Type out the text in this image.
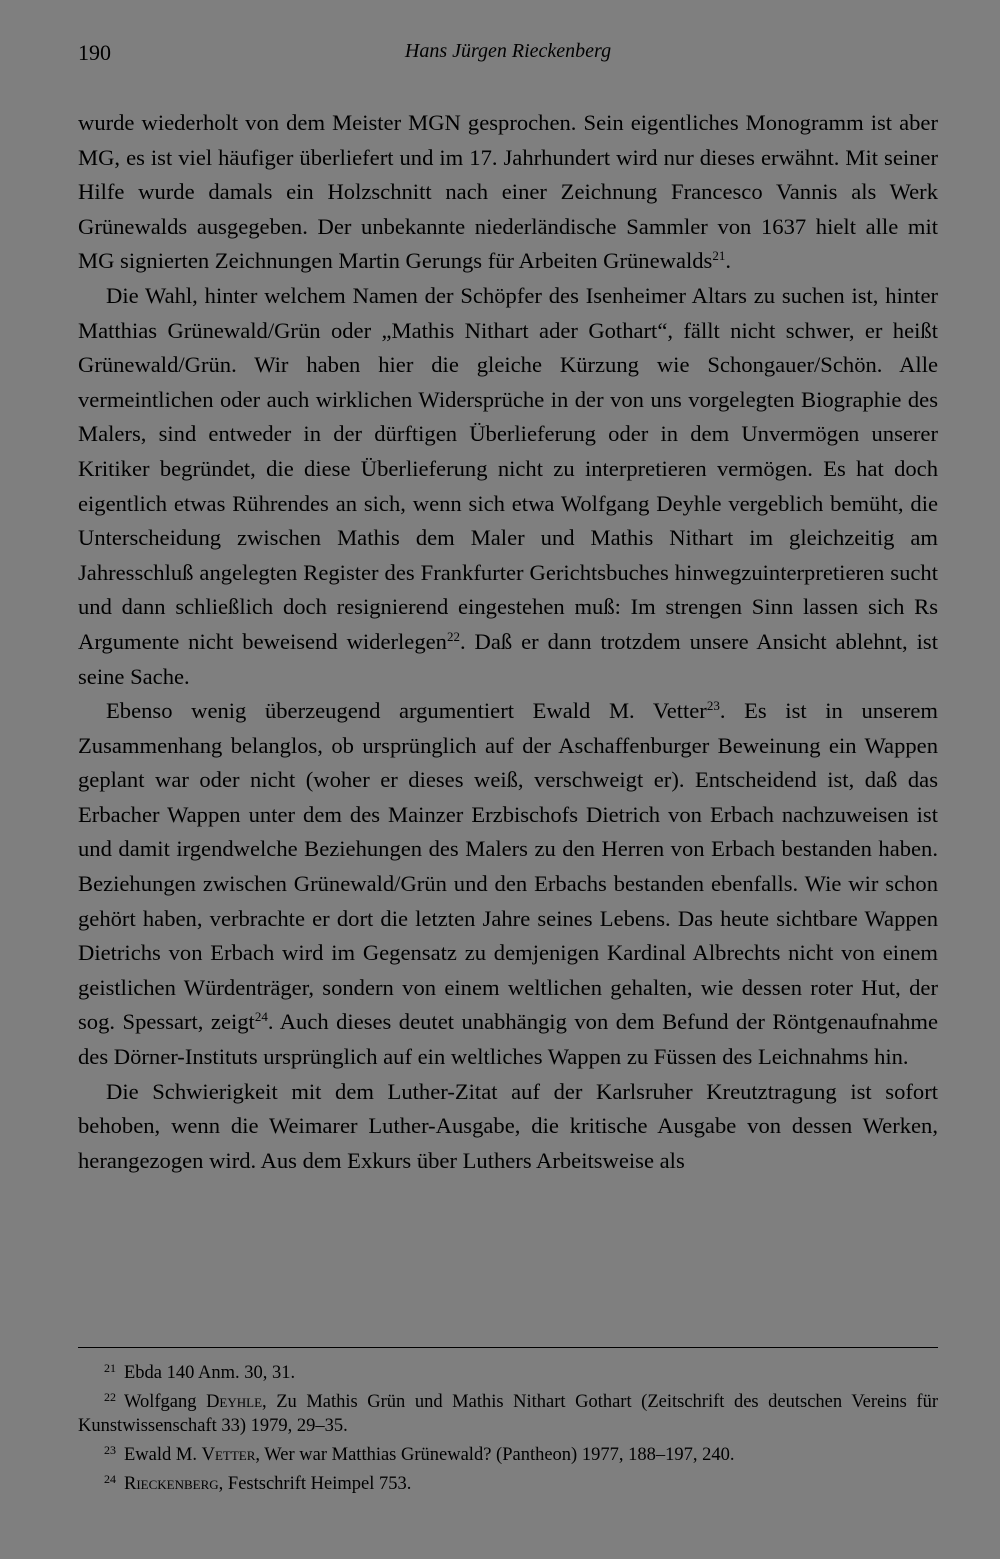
190	Hans Jürgen Rieckenberg

wurde wiederholt von dem Meister MGN gesprochen. Sein eigentliches Monogramm ist aber MG, es ist viel häufiger überliefert und im 17. Jahrhundert wird nur dieses erwähnt. Mit seiner Hilfe wurde damals ein Holzschnitt nach einer Zeichnung Francesco Vannis als Werk Grünewalds ausgegeben. Der unbekannte niederländische Sammler von 1637 hielt alle mit MG signierten Zeichnungen Martin Gerungs für Arbeiten Grünewalds$^{21}$.

Die Wahl, hinter welchem Namen der Schöpfer des Isenheimer Altars zu suchen ist, hinter Matthias Grünewald/Grün oder „Mathis Nithart ader Gothart“, fällt nicht schwer, er heißt Grünewald/Grün. Wir haben hier die gleiche Kürzung wie Schongauer/Schön. Alle vermeintlichen oder auch wirklichen Widersprüche in der von uns vorgelegten Biographie des Malers, sind entweder in der dürftigen Überlieferung oder in dem Unvermögen unserer Kritiker begründet, die diese Überlieferung nicht zu interpretieren vermögen. Es hat doch eigentlich etwas Rührendes an sich, wenn sich etwa Wolfgang Deyhle vergeblich bemüht, die Unterscheidung zwischen Mathis dem Maler und Mathis Nithart im gleichzeitig am Jahresschluß angelegten Register des Frankfurter Gerichtsbuches hinwegzuinterpretieren sucht und dann schließlich doch resignierend eingestehen muß: Im strengen Sinn lassen sich Rs Argumente nicht beweisend widerlegen$^{22}$. Daß er dann trotzdem unsere Ansicht ablehnt, ist seine Sache.

Ebenso wenig überzeugend argumentiert Ewald M. Vetter$^{23}$. Es ist in unserem Zusammenhang belanglos, ob ursprünglich auf der Aschaffenburger Beweinung ein Wappen geplant war oder nicht (woher er dieses weiß, verschweigt er). Entscheidend ist, daß das Erbacher Wappen unter dem des Mainzer Erzbischofs Dietrich von Erbach nachzuweisen ist und damit irgendwelche Beziehungen des Malers zu den Herren von Erbach bestanden haben. Beziehungen zwischen Grünewald/Grün und den Erbachs bestanden ebenfalls. Wie wir schon gehört haben, verbrachte er dort die letzten Jahre seines Lebens. Das heute sichtbare Wappen Dietrichs von Erbach wird im Gegensatz zu demjenigen Kardinal Albrechts nicht von einem geistlichen Würdenträger, sondern von einem weltlichen gehalten, wie dessen roter Hut, der sog. Spessart, zeigt$^{24}$. Auch dieses deutet unabhängig von dem Befund der Röntgenaufnahme des Dörner-Instituts ursprünglich auf ein weltliches Wappen zu Füssen des Leichnahms hin.

Die Schwierigkeit mit dem Luther-Zitat auf der Karlsruher Kreutztragung ist sofort behoben, wenn die Weimarer Luther-Ausgabe, die kritische Ausgabe von dessen Werken, herangezogen wird. Aus dem Exkurs über Luthers Arbeitsweise als

$^{21}$ Ebda 140 Anm. 30, 31.
$^{22}$ Wolfgang Deyhle, Zu Mathis Grün und Mathis Nithart Gothart (Zeitschrift des deutschen Vereins für Kunstwissenschaft 33) 1979, 29–35.
$^{23}$ Ewald M. Vetter, Wer war Matthias Grünewald? (Pantheon) 1977, 188–197, 240.
$^{24}$ Rieckenberg, Festschrift Heimpel 753.
